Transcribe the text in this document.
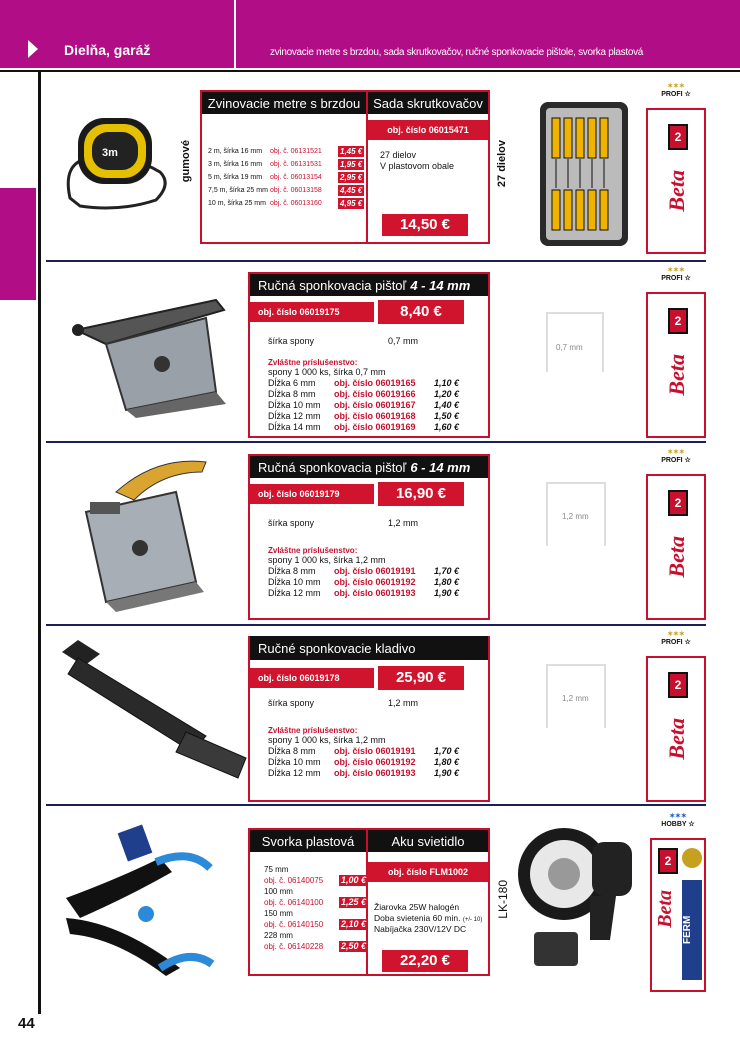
Dielňa, garáž	zvinovacie metre s brzdou, sada skrutkovačov, ručné sponkovacie pištole, svorka plastová
44
✶✶✶
PROFI ☆
2
Beta
✶✶✶
PROFI ☆
2
Beta
✶✶✶
PROFI ☆
2
Beta
✶✶✶
PROFI ☆
2
Beta
✶✶✶
HOBBY ☆
2
Beta
FERM
3m	gumové
Zvinovacie metre s brzdou
2 m, šírka 16 mm	obj. č. 06131521	1,45 €
3 m, šírka 16 mm	obj. č. 06131531	1,95 €
5 m, šírka 19 mm	obj. č. 06013154	2,95 €
7,5 m, šírka 25 mm obj. č. 06013158	4,45 €
10 m, šírka 25 mm obj. č. 06013160	4,95 €
Sada skrutkovačov
obj. číslo 06015471
27 dielov
V plastovom obale
14,50 €
27 dielov
Ručná sponkovacia pištoľ 4 - 14 mm
obj. číslo 06019175	8,40 €
šírka spony	0,7 mm
Zvláštne príslušenstvo:
spony 1 000 ks, šírka 0,7 mm
Dĺžka 6 mm	obj. číslo 06019165	1,10 €
Dĺžka 8 mm	obj. číslo 06019166	1,20 €
Dĺžka 10 mm	obj. číslo 06019167	1,40 €
Dĺžka 12 mm	obj. číslo 06019168	1,50 €
Dĺžka 14 mm	obj. číslo 06019169	1,60 €
0,7 mm
Ručná sponkovacia pištoľ 6 - 14 mm
obj. číslo 06019179	16,90 €
šírka spony	1,2 mm
Zvláštne príslušenstvo:
spony 1 000 ks, šírka 1,2 mm
Dĺžka 8 mm	obj. číslo 06019191	1,70 €
Dĺžka 10 mm	obj. číslo 06019192	1,80 €
Dĺžka 12 mm	obj. číslo 06019193	1,90 €
1,2 mm
Ručné sponkovacie kladivo
obj. číslo 06019178	25,90 €
šírka spony	1,2 mm
Zvláštne príslušenstvo:
spony 1 000 ks, šírka 1,2 mm
Dĺžka 8 mm	obj. číslo 06019191	1,70 €
Dĺžka 10 mm	obj. číslo 06019192	1,80 €
Dĺžka 12 mm	obj. číslo 06019193	1,90 €
1,2 mm
Svorka plastová
75 mm
obj. č. 06140075 1,00 €
100 mm
obj. č. 06140100 1,25 €
150 mm
obj. č. 06140150 2,10 €
228 mm
obj. č. 06140228 2,50 €
Aku svietidlo
obj. číslo FLM1002
Žiarovka 25W halogén
Doba svietenia 60 min. (+/- 10)
Nabíjačka 230V/12V DC
22,20 €
LK-180
